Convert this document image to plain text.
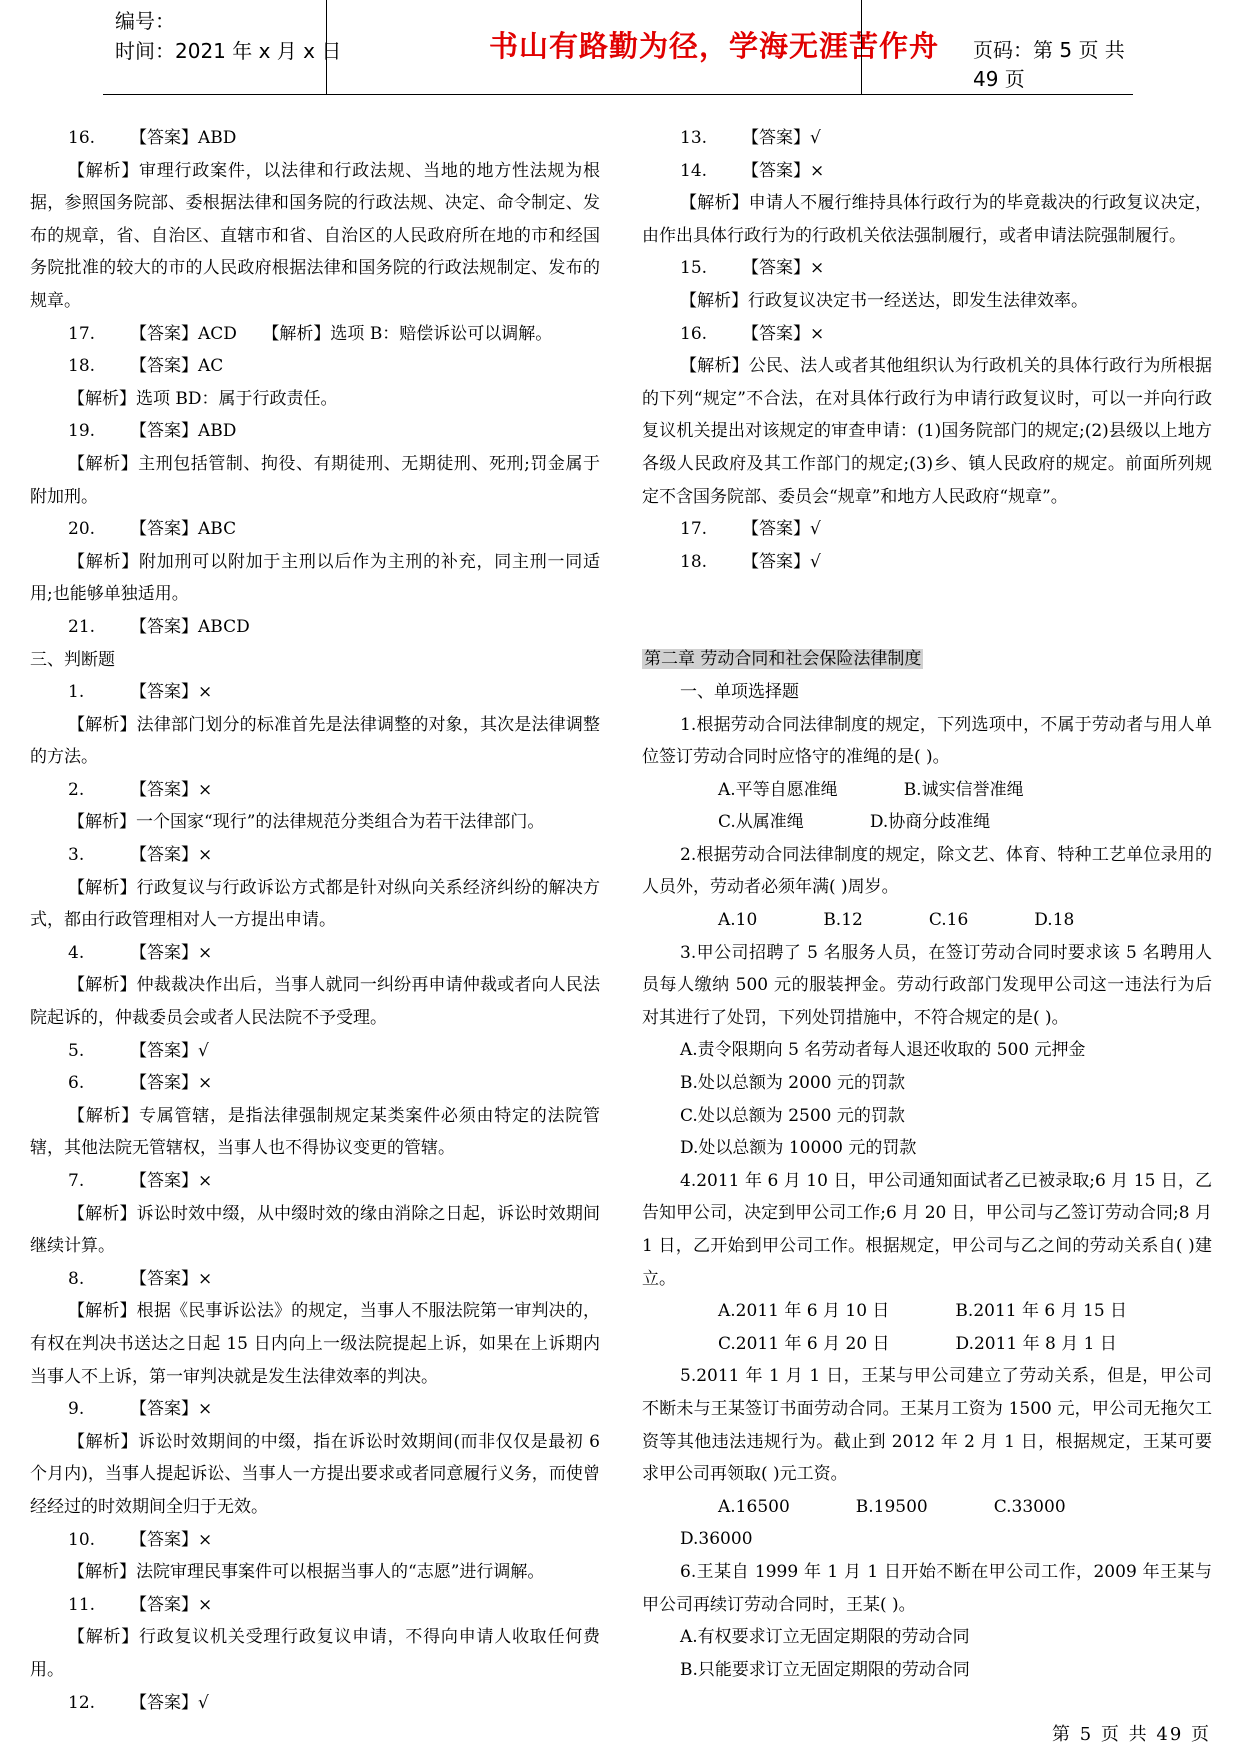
编号：
时间：2021 年 x 月 x 日	书山有路勤为径，学海无涯苦作舟	页码：第 5 页 共 49 页

16. 【答案】ABD

【解析】审理行政案件，以法律和行政法规、当地的地方性法规为根据，参照国务院部、委根据法律和国务院的行政法规、决定、命令制定、发布的规章，省、自治区、直辖市和省、自治区的人民政府所在地的市和经国务院批准的较大的市的人民政府根据法律和国务院的行政法规制定、发布的规章。

17. 【答案】ACD　　【解析】选项 B：赔偿诉讼可以调解。

18. 【答案】AC

【解析】选项 BD：属于行政责任。

19. 【答案】ABD

【解析】主刑包括管制、拘役、有期徒刑、无期徒刑、死刑;罚金属于附加刑。

20. 【答案】ABC

【解析】附加刑可以附加于主刑以后作为主刑的补充，同主刑一同适用;也能够单独适用。

21. 【答案】ABCD

三、判断题

1.	【答案】×

【解析】法律部门划分的标准首先是法律调整的对象，其次是法律调整的方法。

2.	【答案】×

【解析】一个国家“现行”的法律规范分类组合为若干法律部门。

3.	【答案】×

【解析】行政复议与行政诉讼方式都是针对纵向关系经济纠纷的解决方式，都由行政管理相对人一方提出申请。

4.	【答案】×

【解析】仲裁裁决作出后，当事人就同一纠纷再申请仲裁或者向人民法院起诉的，仲裁委员会或者人民法院不予受理。

5.	【答案】√

6.	【答案】×

【解析】专属管辖，是指法律强制规定某类案件必须由特定的法院管辖，其他法院无管辖权，当事人也不得协议变更的管辖。

7.	【答案】×

【解析】诉讼时效中缀，从中缀时效的缘由消除之日起，诉讼时效期间继续计算。

8.	【答案】×

【解析】根据《民事诉讼法》的规定，当事人不服法院第一审判决的，有权在判决书送达之日起 15 日内向上一级法院提起上诉，如果在上诉期内当事人不上诉，第一审判决就是发生法律效率的判决。

9.	【答案】×

【解析】诉讼时效期间的中缀，指在诉讼时效期间(而非仅仅是最初 6 个月内)，当事人提起诉讼、当事人一方提出要求或者同意履行义务，而使曾经经过的时效期间全归于无效。

10. 【答案】×

【解析】法院审理民事案件可以根据当事人的“志愿”进行调解。

11. 【答案】×

【解析】行政复议机关受理行政复议申请，不得向申请人收取任何费用。

12. 【答案】√

13. 【答案】√

14. 【答案】×

【解析】申请人不履行维持具体行政行为的毕竟裁决的行政复议决定，由作出具体行政行为的行政机关依法强制履行，或者申请法院强制履行。

15. 【答案】×

【解析】行政复议决定书一经送达，即发生法律效率。

16. 【答案】×

【解析】公民、法人或者其他组织认为行政机关的具体行政行为所根据的下列“规定”不合法，在对具体行政行为申请行政复议时，可以一并向行政复议机关提出对该规定的审查申请：(1)国务院部门的规定;(2)县级以上地方各级人民政府及其工作部门的规定;(3)乡、镇人民政府的规定。前面所列规定不含国务院部、委员会“规章”和地方人民政府“规章”。

17. 【答案】√

18. 【答案】√

第二章 劳动合同和社会保险法律制度

一、单项选择题

1.根据劳动合同法律制度的规定，下列选项中，不属于劳动者与用人单位签订劳动合同时应恪守的准绳的是( )。

A.平等自愿准绳	B.诚实信誉准绳

C.从属准绳	D.协商分歧准绳

2.根据劳动合同法律制度的规定，除文艺、体育、特种工艺单位录用的人员外，劳动者必须年满( )周岁。

A.10	B.12	C.16	D.18

3.甲公司招聘了 5 名服务人员，在签订劳动合同时要求该 5 名聘用人员每人缴纳 500 元的服装押金。劳动行政部门发现甲公司这一违法行为后对其进行了处罚，下列处罚措施中，不符合规定的是( )。

A.责令限期向 5 名劳动者每人退还收取的 500 元押金

B.处以总额为 2000 元的罚款

C.处以总额为 2500 元的罚款

D.处以总额为 10000 元的罚款

4.2011 年 6 月 10 日，甲公司通知面试者乙已被录取;6 月 15 日，乙告知甲公司，决定到甲公司工作;6 月 20 日，甲公司与乙签订劳动合同;8 月 1 日，乙开始到甲公司工作。根据规定，甲公司与乙之间的劳动关系自( )建立。

A.2011 年 6 月 10 日	B.2011 年 6 月 15 日

C.2011 年 6 月 20 日	D.2011 年 8 月 1 日

5.2011 年 1 月 1 日，王某与甲公司建立了劳动关系，但是，甲公司不断未与王某签订书面劳动合同。王某月工资为 1500 元，甲公司无拖欠工资等其他违法违规行为。截止到 2012 年 2 月 1 日，根据规定，王某可要求甲公司再领取( )元工资。

A.16500	B.19500	C.33000D.36000

6.王某自 1999 年 1 月 1 日开始不断在甲公司工作，2009 年王某与甲公司再续订劳动合同时，王某( )。

A.有权要求订立无固定期限的劳动合同

B.只能要求订立无固定期限的劳动合同

第 5 页 共 49 页
